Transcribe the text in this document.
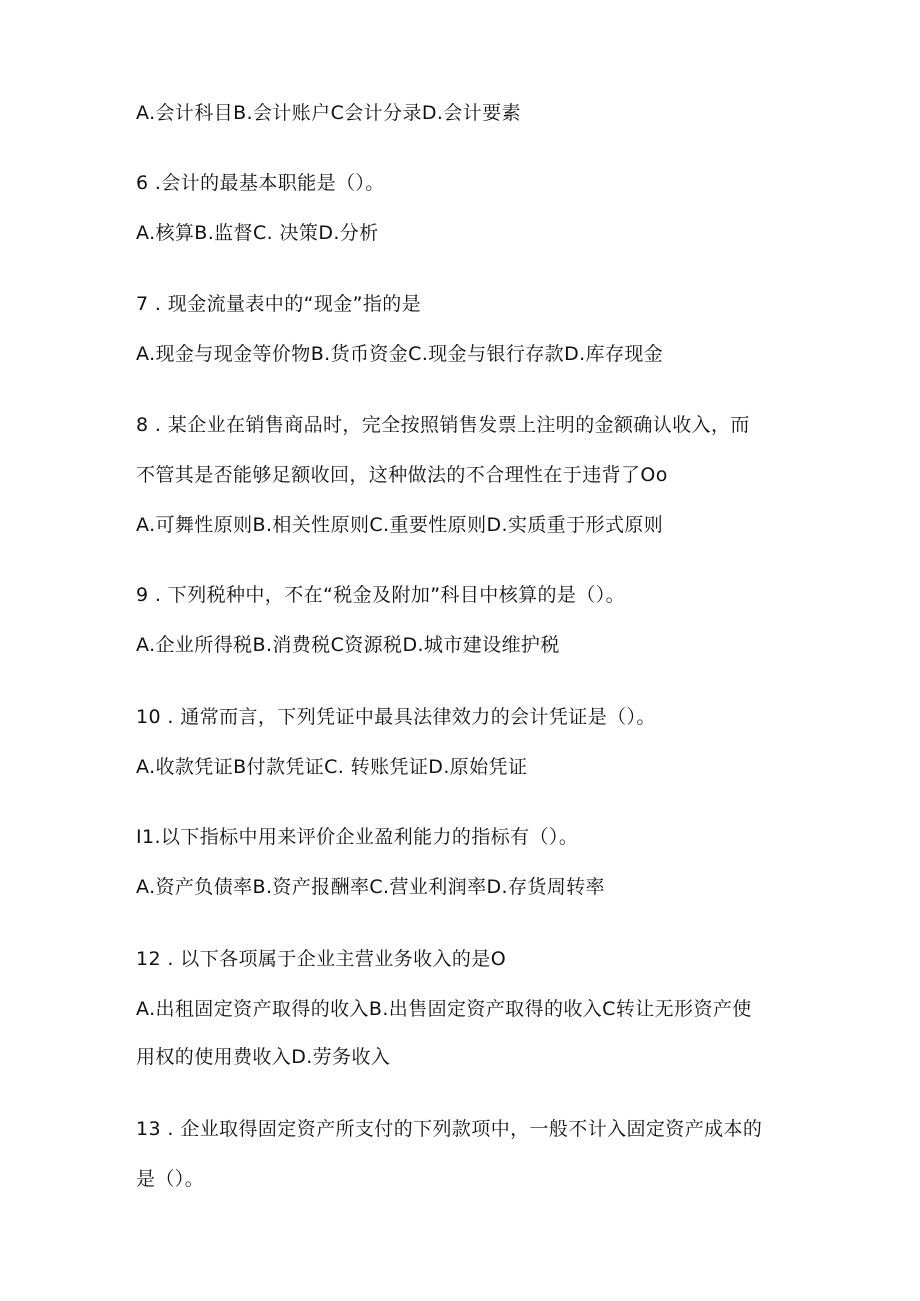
A.会计科目B.会计账户C会计分录D.会计要素
6 .会计的最基本职能是（）。
A.核算B.监督C. 决策D.分析
7 . 现金流量表中的“现金”指的是
A.现金与现金等价物B.货币资金C.现金与银行存款D.库存现金
8 . 某企业在销售商品时，完全按照销售发票上注明的金额确认收入，而
不管其是否能够足额收回，这种做法的不合理性在于违背了Oo
A.可舞性原则B.相关性原则C.重要性原则D.实质重于形式原则
9 . 下列税种中，不在“税金及附加”科目中核算的是（）。
A.企业所得税B.消费税C资源税D.城市建设维护税
10 . 通常而言，下列凭证中最具法律效力的会计凭证是（）。
A.收款凭证B付款凭证C. 转账凭证D.原始凭证
I1.以下指标中用来评价企业盈利能力的指标有（）。
A.资产负债率B.资产报酬率C.营业利润率D.存货周转率
12 . 以下各项属于企业主营业务收入的是O
A.出租固定资产取得的收入B.出售固定资产取得的收入C转让无形资产使
用权的使用费收入D.劳务收入
13 . 企业取得固定资产所支付的下列款项中，一般不计入固定资产成本的
是（）。
